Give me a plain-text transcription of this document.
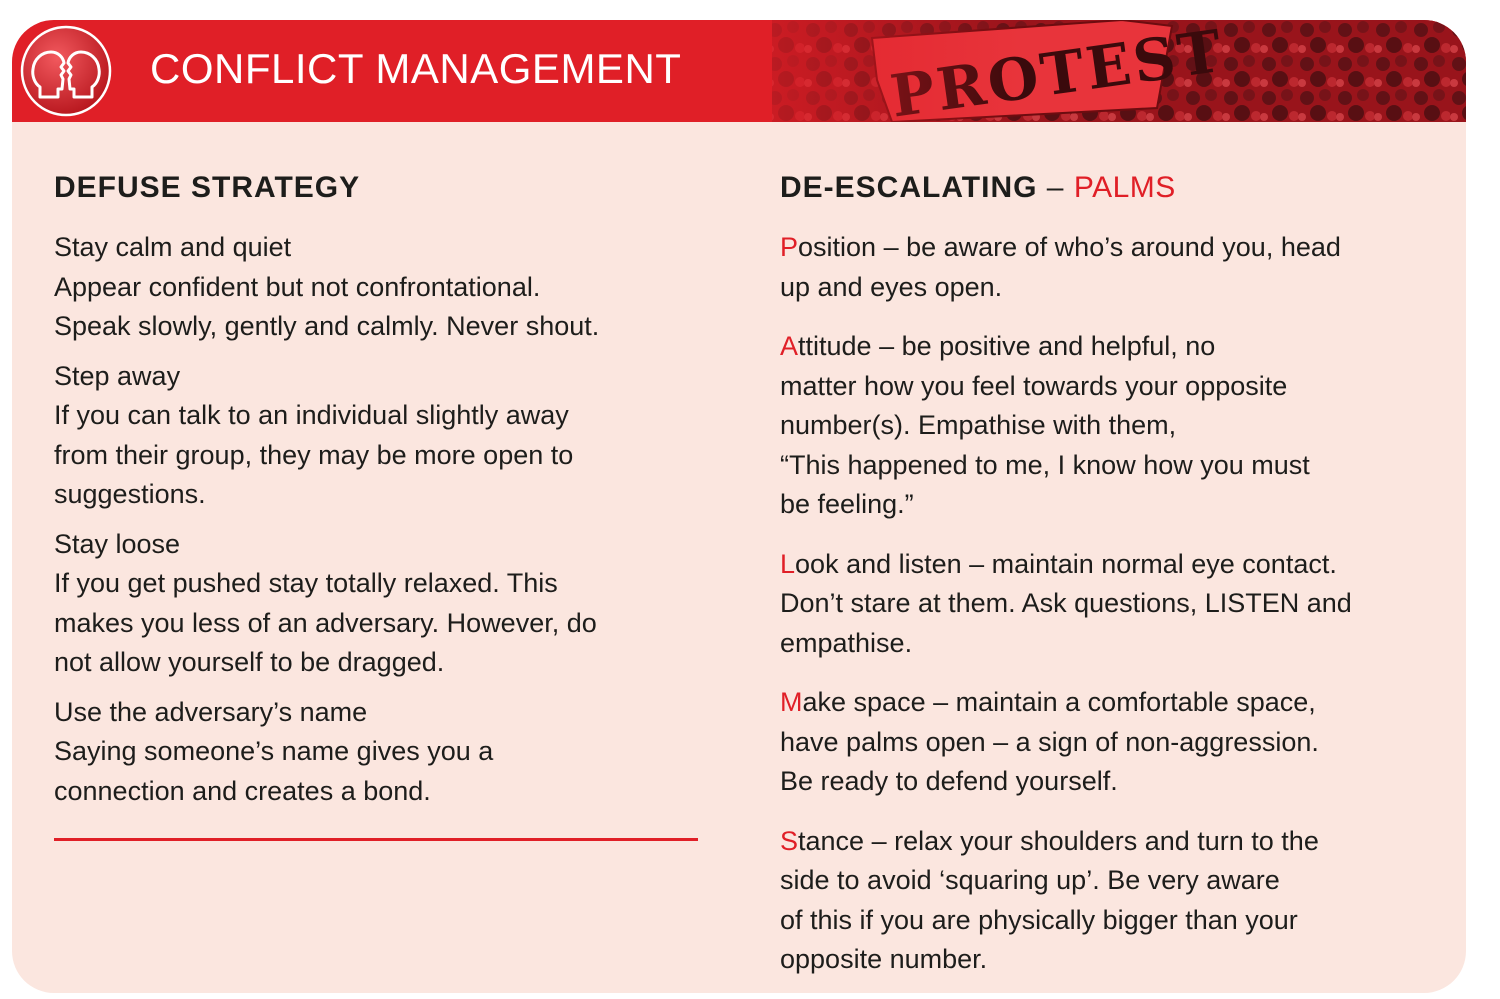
CONFLICT MANAGEMENT
DEFUSE STRATEGY
Stay calm and quiet
Appear confident but not confrontational.
Speak slowly, gently and calmly. Never shout.
Step away
If you can talk to an individual slightly away
from their group, they may be more open to
suggestions.
Stay loose
If you get pushed stay totally relaxed. This
makes you less of an adversary. However, do
not allow yourself to be dragged.
Use the adversary’s name
Saying someone’s name gives you a
connection and creates a bond.
DE-ESCALATING – PALMS
Position – be aware of who’s around you, head
up and eyes open.
Attitude – be positive and helpful, no
matter how you feel towards your opposite
number(s). Empathise with them,
“This happened to me, I know how you must
be feeling.”
Look and listen – maintain normal eye contact.
Don’t stare at them. Ask questions, LISTEN and
empathise.
Make space – maintain a comfortable space,
have palms open – a sign of non-aggression.
Be ready to defend yourself.
Stance – relax your shoulders and turn to the
side to avoid ‘squaring up’. Be very aware
of this if you are physically bigger than your
opposite number.
